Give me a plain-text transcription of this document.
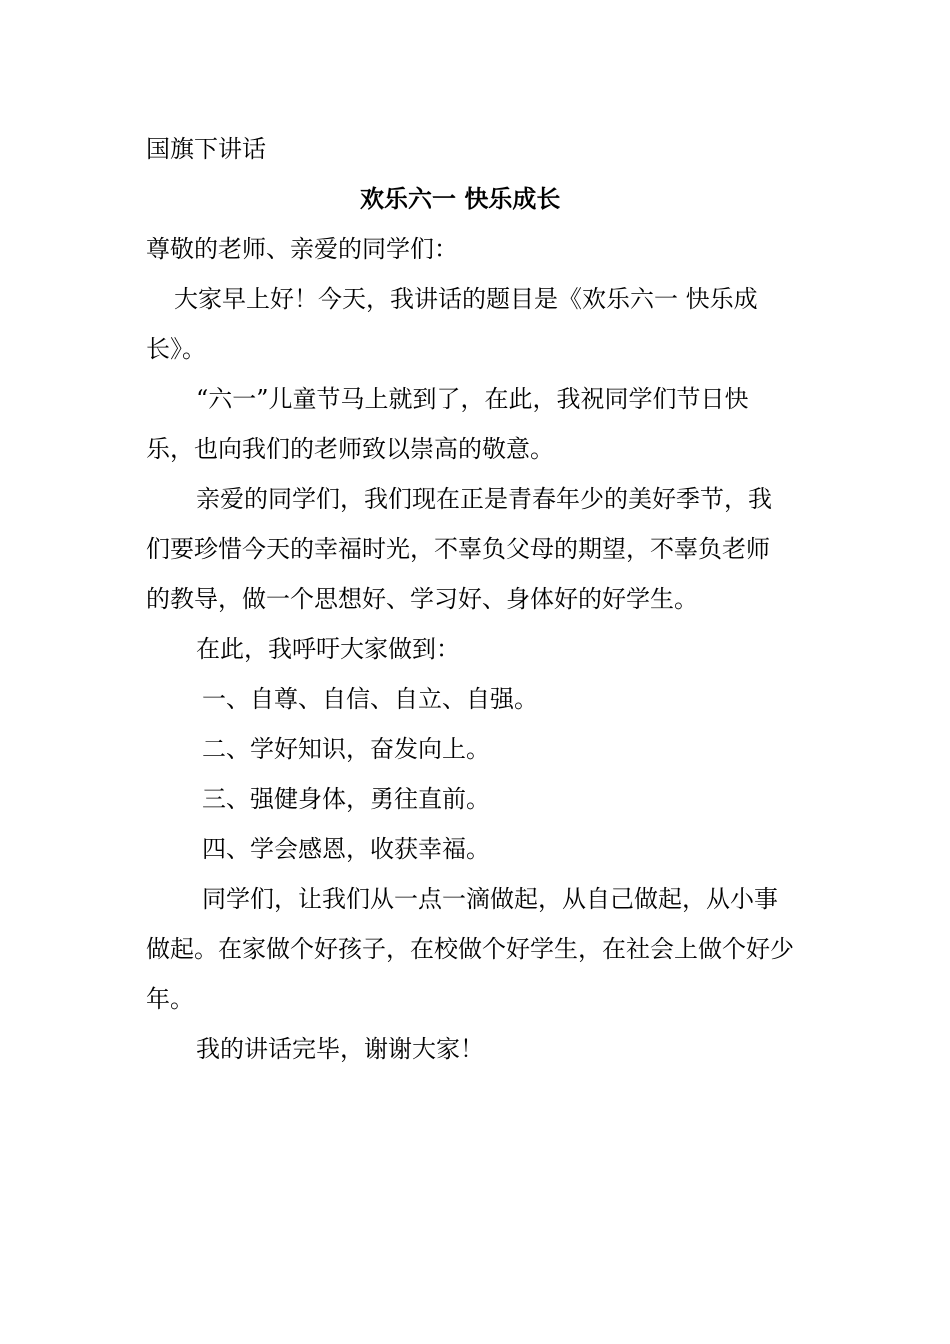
国旗下讲话
欢乐六一 快乐成长
尊敬的老师、亲爱的同学们：
大家早上好！今天，我讲话的题目是《欢乐六一 快乐成
长》。
“六一”儿童节马上就到了，在此，我祝同学们节日快
乐，也向我们的老师致以崇高的敬意。
亲爱的同学们，我们现在正是青春年少的美好季节，我
们要珍惜今天的幸福时光，不辜负父母的期望，不辜负老师
的教导，做一个思想好、学习好、身体好的好学生。
在此，我呼吁大家做到：
一、自尊、自信、自立、自强。
二、学好知识，奋发向上。
三、强健身体，勇往直前。
四、学会感恩，收获幸福。
同学们，让我们从一点一滴做起，从自己做起，从小事
做起。在家做个好孩子，在校做个好学生，在社会上做个好少
年。
我的讲话完毕，谢谢大家！
